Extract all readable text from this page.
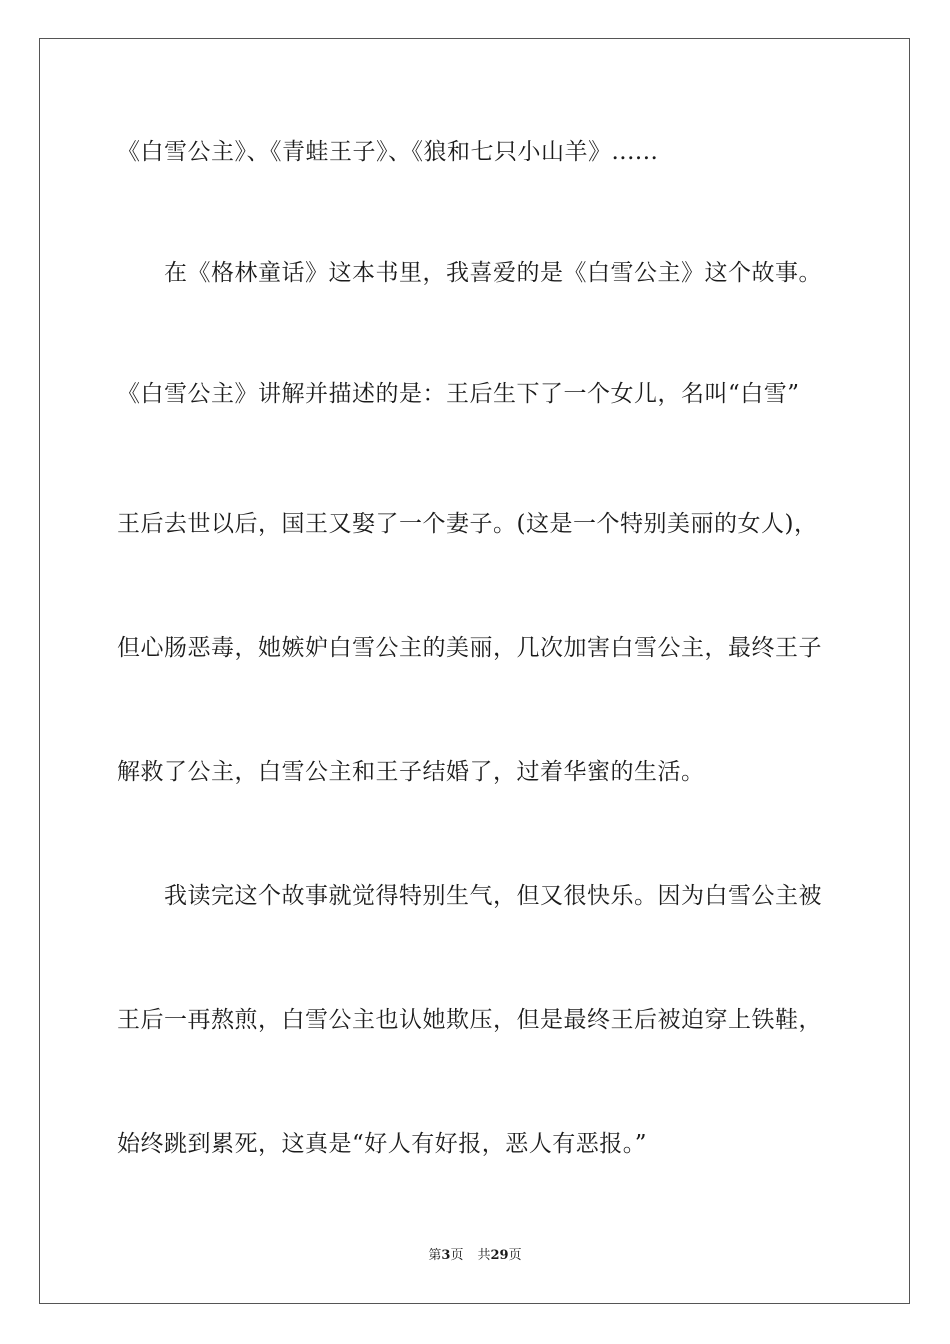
《白雪公主》、《青蛙王子》、《狼和七只小山羊》......
在《格林童话》这本书里，我喜爱的是《白雪公主》这个故事。
《白雪公主》讲解并描述的是：王后生下了一个女儿，名叫“白雪”
王后去世以后，国王又娶了一个妻子。(这是一个特别美丽的女人)，
但心肠恶毒，她嫉妒白雪公主的美丽，几次加害白雪公主，最终王子
解救了公主，白雪公主和王子结婚了，过着华蜜的生活。
我读完这个故事就觉得特别生气，但又很快乐。因为白雪公主被
王后一再熬煎，白雪公主也认她欺压，但是最终王后被迫穿上铁鞋，
始终跳到累死，这真是“好人有好报，恶人有恶报。”
第3页 共29页
